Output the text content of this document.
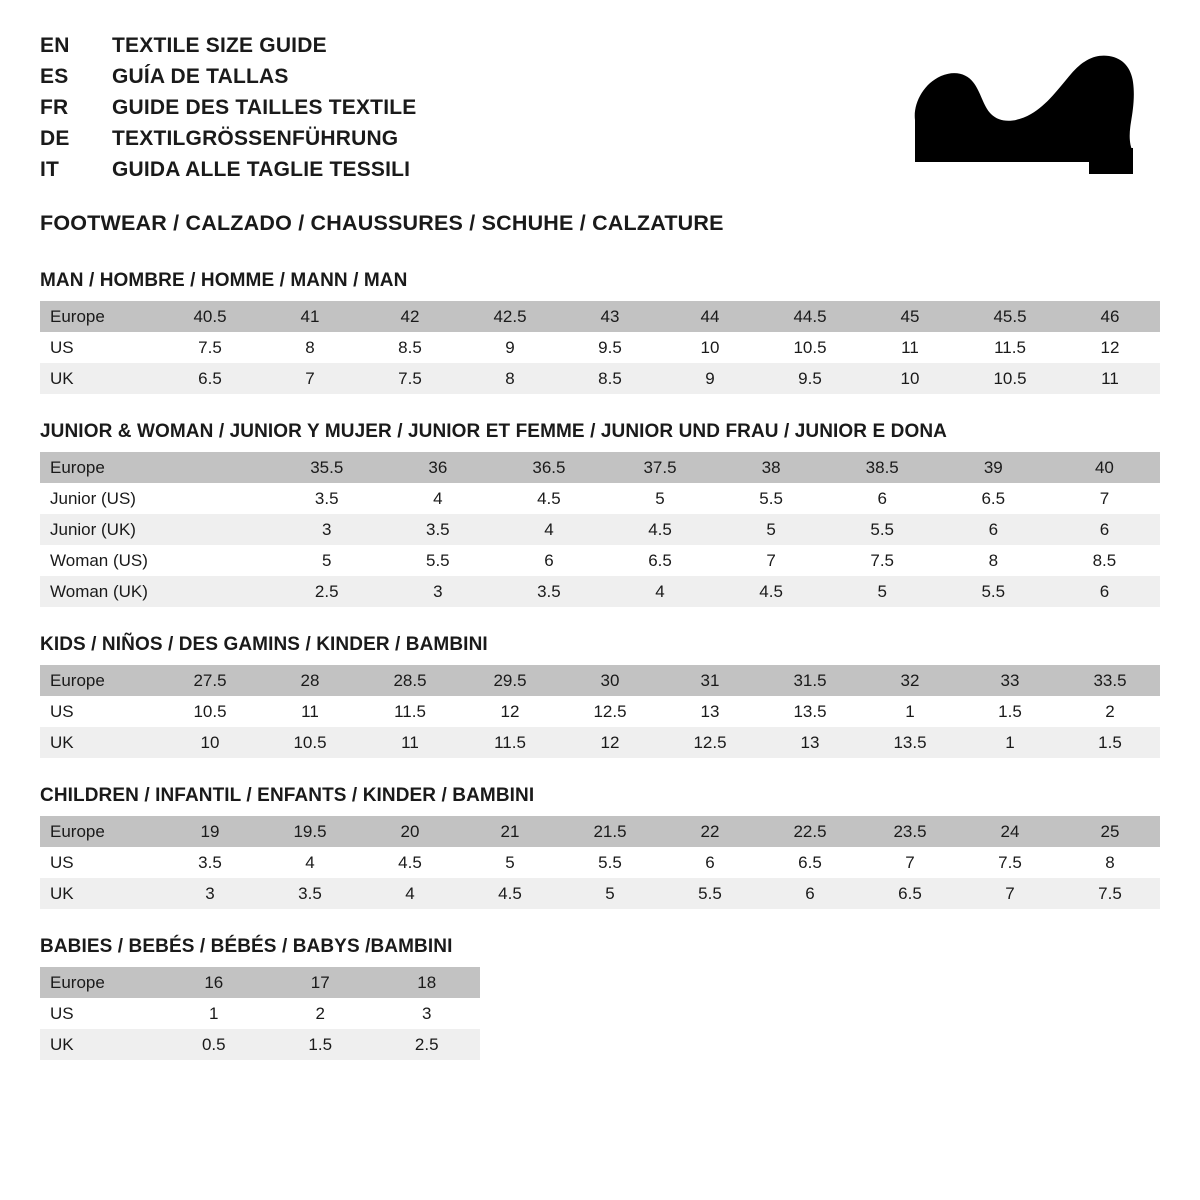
EN	TEXTILE SIZE GUIDE
ES	GUÍA DE TALLAS
FR	GUIDE DES TAILLES TEXTILE
DE	TEXTILGRÖSSENFÜHRUNG
IT	GUIDA ALLE TAGLIE TESSILI
FOOTWEAR / CALZADO / CHAUSSURES / SCHUHE / CALZATURE
MAN / HOMBRE / HOMME / MANN / MAN
Europe	40.5	41	42	42.5	43	44	44.5	45	45.5	46
US	7.5	8	8.5	9	9.5	10	10.5	11	11.5	12
UK	6.5	7	7.5	8	8.5	9	9.5	10	10.5	11
JUNIOR & WOMAN / JUNIOR Y MUJER / JUNIOR ET FEMME / JUNIOR UND FRAU / JUNIOR E DONA
Europe		35.5	36	36.5	37.5	38	38.5	39	40
Junior (US)		3.5	4	4.5	5	5.5	6	6.5	7
Junior (UK)		3	3.5	4	4.5	5	5.5	6	6
Woman (US)		5	5.5	6	6.5	7	7.5	8	8.5
Woman (UK)		2.5	3	3.5	4	4.5	5	5.5	6
KIDS / NIÑOS / DES GAMINS / KINDER / BAMBINI
Europe	27.5	28	28.5	29.5	30	31	31.5	32	33	33.5
US	10.5	11	11.5	12	12.5	13	13.5	1	1.5	2
UK	10	10.5	11	11.5	12	12.5	13	13.5	1	1.5
CHILDREN / INFANTIL / ENFANTS / KINDER / BAMBINI
Europe	19	19.5	20	21	21.5	22	22.5	23.5	24	25
US	3.5	4	4.5	5	5.5	6	6.5	7	7.5	8
UK	3	3.5	4	4.5	5	5.5	6	6.5	7	7.5
BABIES / BEBÉS / BÉBÉS / BABYS /BAMBINI
Europe	16	17	18
US	1	2	3
UK	0.5	1.5	2.5
